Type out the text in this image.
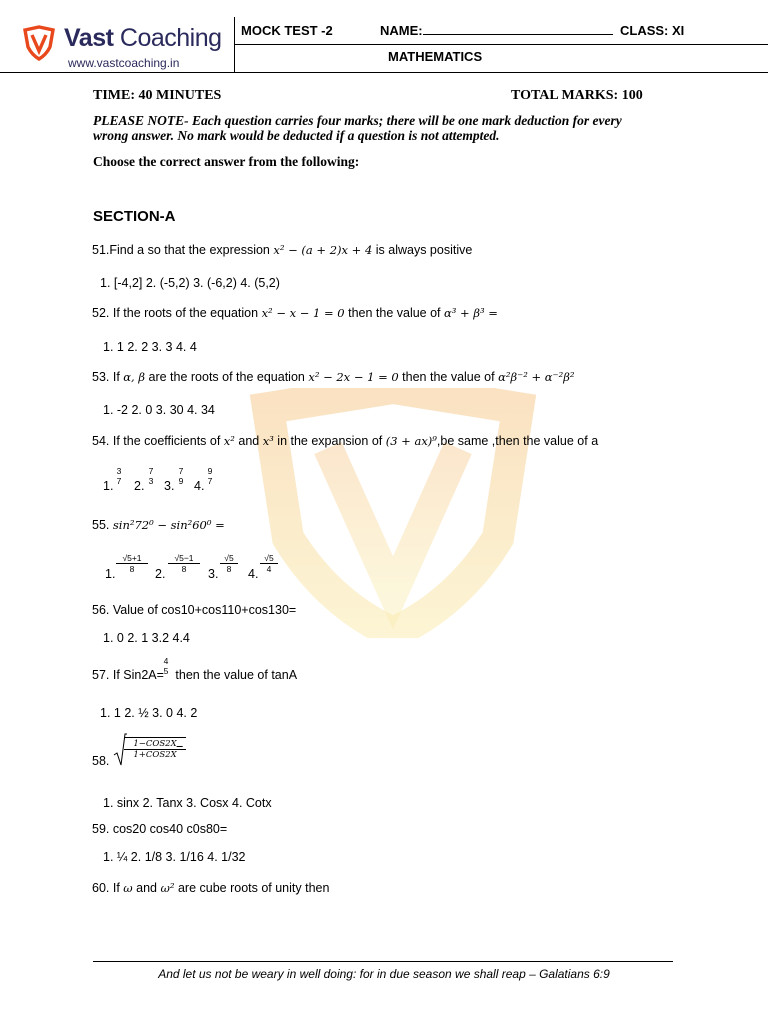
Vast Coaching
www.vastcoaching.in
MOCK TEST -2	NAME:	CLASS: XI
MATHEMATICS
TIME: 40 MINUTES	TOTAL MARKS: 100
PLEASE NOTE- Each question carries four marks; there will be one mark deduction for every
wrong answer. No mark would be deducted if a question is not attempted.
Choose the correct answer from the following:
SECTION-A
51.Find a so that the expression x² − (a + 2)x + 4 is always positive
1. [-4,2] 2. (-5,2) 3. (-6,2) 4. (5,2)
52. If the roots of the equation x² − x − 1 = 0 then the value of α³ + β³ =
1. 1 2. 2 3. 3 4. 4
53. If α, β are the roots of the equation x² − 2x − 1 = 0 then the value of α²β⁻² + α⁻²β²
1. -2 2. 0 3. 30 4. 34
54. If the coefficients of x² and x³ in the expansion of (3 + ax)⁹,be same ,then the value of a
1.
3
7 2.
7
3 3.
7
9 4.
9
7
55. sin²72⁰ − sin²60⁰ =
1. $\frac{√5+1}{8} 2$. $\frac{√5-1}{8} 3$. $\frac{√5}{8} 4$. $\frac{√5}{4}$
56. Value of cos10+cos110+cos130=
1. 0 2. 1 3.2 4.4
57. If Sin2A= then the value of tanA
4
5
1. 1 2. ½ 3. 0 4. 2
58.
1−COS2X
1+COS2X =
1. sinx 2. Tanx 3. Cosx 4. Cotx
59. cos20 cos40 c0s80=
1. ¼ 2. 1/8 3. 1/16 4. 1/32
60. If ω and ω² are cube roots of unity then
And let us not be weary in well doing: for in due season we shall reap – Galatians 6:9
